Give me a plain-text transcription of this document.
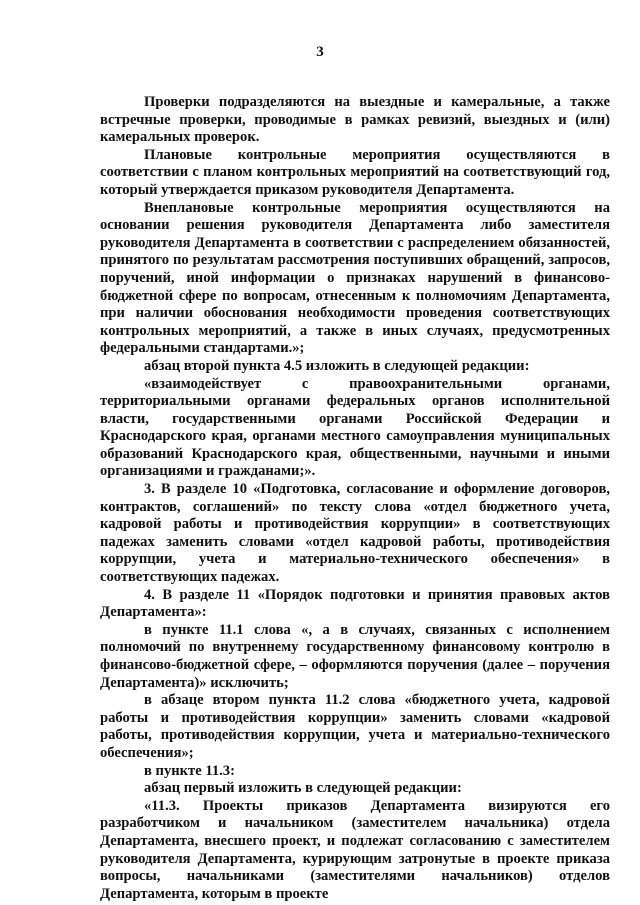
3

Проверки подразделяются на выездные и камеральные, а также встречные проверки, проводимые в рамках ревизий, выездных и (или) камеральных проверок.

Плановые контрольные мероприятия осуществляются в соответствии с планом контрольных мероприятий на соответствующий год, который утверждается приказом руководителя Департамента.

Внеплановые контрольные мероприятия осуществляются на основании решения руководителя Департамента либо заместителя руководителя Департамента в соответствии с распределением обязанностей, принятого по результатам рассмотрения поступивших обращений, запросов, поручений, иной информации о признаках нарушений в финансово-бюджетной сфере по вопросам, отнесенным к полномочиям Департамента, при наличии обоснования необходимости проведения соответствующих контрольных мероприятий, а также в иных случаях, предусмотренных федеральными стандартами.»;

абзац второй пункта 4.5 изложить в следующей редакции:

«взаимодействует с правоохранительными органами, территориальными органами федеральных органов исполнительной власти, государственными органами Российской Федерации и Краснодарского края, органами местного самоуправления муниципальных образований Краснодарского края, общественными, научными и иными организациями и гражданами;».

3. В разделе 10 «Подготовка, согласование и оформление договоров, контрактов, соглашений» по тексту слова «отдел бюджетного учета, кадровой работы и противодействия коррупции» в соответствующих падежах заменить словами «отдел кадровой работы, противодействия коррупции, учета и материально-технического обеспечения» в соответствующих падежах.

4. В разделе 11 «Порядок подготовки и принятия правовых актов Департамента»:

в пункте 11.1 слова «, а в случаях, связанных с исполнением полномочий по внутреннему государственному финансовому контролю в финансово-бюджетной сфере, – оформляются поручения (далее – поручения Департамента)» исключить;

в абзаце втором пункта 11.2 слова «бюджетного учета, кадровой работы и противодействия коррупции» заменить словами «кадровой работы, противодействия коррупции, учета и материально-технического обеспечения»;

в пункте 11.3:

абзац первый изложить в следующей редакции:

«11.3. Проекты приказов Департамента визируются его разработчиком и начальником (заместителем начальника) отдела Департамента, внесшего проект, и подлежат согласованию с заместителем руководителя Департамента, курирующим затронутые в проекте приказа вопросы, начальниками (заместителями начальников) отделов Департамента, которым в проекте
